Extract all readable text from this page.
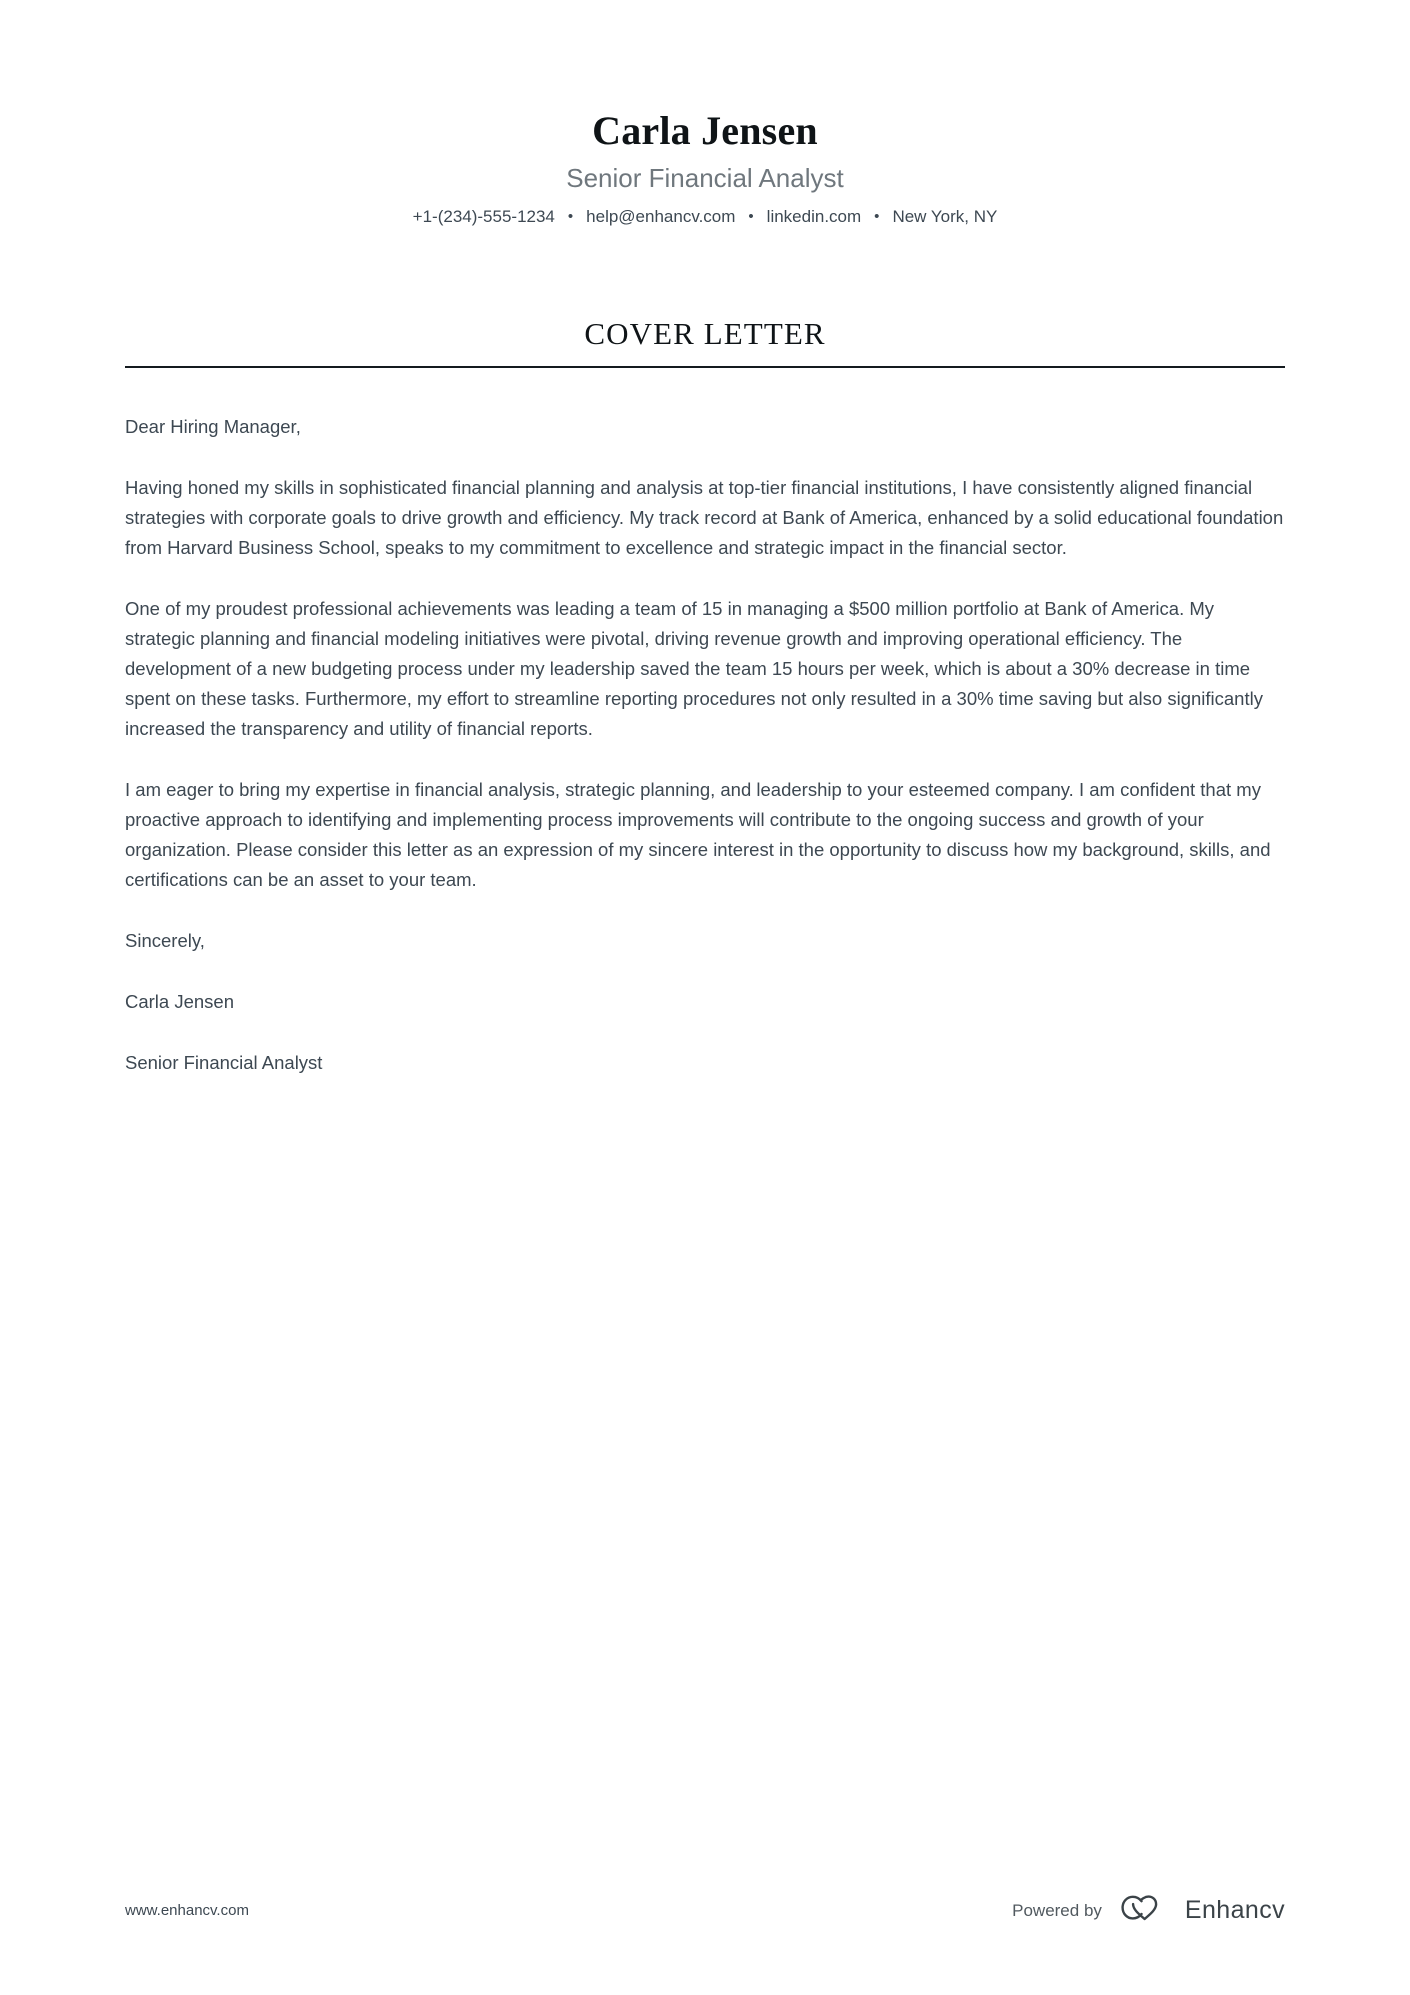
Carla Jensen
Senior Financial Analyst
+1-(234)-555-1234 • help@enhancv.com • linkedin.com • New York, NY
COVER LETTER

Dear Hiring Manager,

Having honed my skills in sophisticated financial planning and analysis at top-tier financial institutions, I have consistently aligned financial strategies with corporate goals to drive growth and efficiency. My track record at Bank of America, enhanced by a solid educational foundation from Harvard Business School, speaks to my commitment to excellence and strategic impact in the financial sector.

One of my proudest professional achievements was leading a team of 15 in managing a $500 million portfolio at Bank of America. My strategic planning and financial modeling initiatives were pivotal, driving revenue growth and improving operational efficiency. The development of a new budgeting process under my leadership saved the team 15 hours per week, which is about a 30% decrease in time spent on these tasks. Furthermore, my effort to streamline reporting procedures not only resulted in a 30% time saving but also significantly increased the transparency and utility of financial reports.

I am eager to bring my expertise in financial analysis, strategic planning, and leadership to your esteemed company. I am confident that my proactive approach to identifying and implementing process improvements will contribute to the ongoing success and growth of your organization. Please consider this letter as an expression of my sincere interest in the opportunity to discuss how my background, skills, and certifications can be an asset to your team.

Sincerely,

Carla Jensen

Senior Financial Analyst

www.enhancv.com	Powered by	Enhancv
